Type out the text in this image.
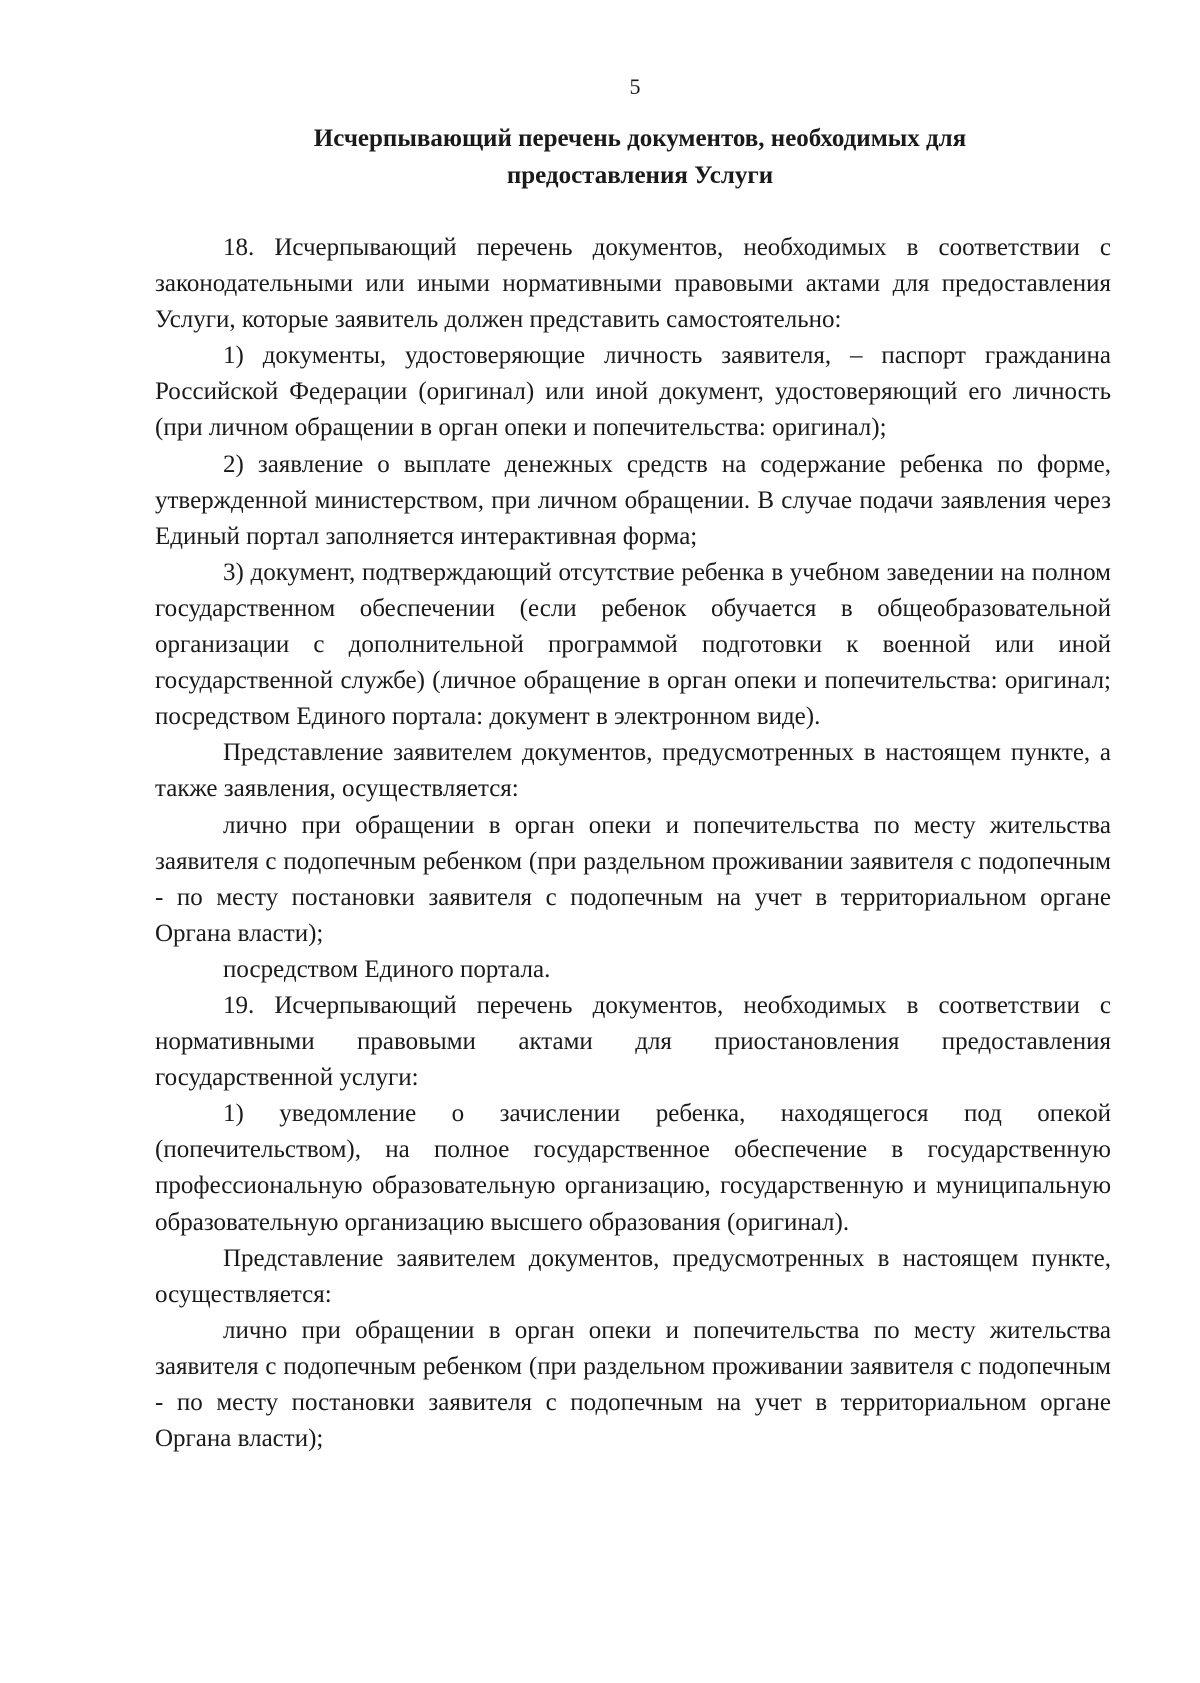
5
Исчерпывающий перечень документов, необходимых для
предоставления Услуги

18. Исчерпывающий перечень документов, необходимых в соответствии с законодательными или иными нормативными правовыми актами для предоставления Услуги, которые заявитель должен представить самостоятельно:

1) документы, удостоверяющие личность заявителя, – паспорт гражданина Российской Федерации (оригинал) или иной документ, удостоверяющий его личность (при личном обращении в орган опеки и попечительства: оригинал);

2) заявление о выплате денежных средств на содержание ребенка по форме, утвержденной министерством, при личном обращении. В случае подачи заявления через Единый портал заполняется интерактивная форма;

3) документ, подтверждающий отсутствие ребенка в учебном заведении на полном государственном обеспечении (если ребенок обучается в общеобразовательной организации с дополнительной программой подготовки к военной или иной государственной службе) (личное обращение в орган опеки и попечительства: оригинал; посредством Единого портала: документ в электронном виде).

Представление заявителем документов, предусмотренных в настоящем пункте, а также заявления, осуществляется:

лично при обращении в орган опеки и попечительства по месту жительства заявителя с подопечным ребенком (при раздельном проживании заявителя с подопечным - по месту постановки заявителя с подопечным на учет в территориальном органе Органа власти);

посредством Единого портала.

19. Исчерпывающий перечень документов, необходимых в соответствии с нормативными правовыми актами для приостановления предоставления государственной услуги:

1) уведомление о зачислении ребенка, находящегося под опекой (попечительством), на полное государственное обеспечение в государственную профессиональную образовательную организацию, государственную и муниципальную образовательную организацию высшего образования (оригинал).

Представление заявителем документов, предусмотренных в настоящем пункте, осуществляется:

лично при обращении в орган опеки и попечительства по месту жительства заявителя с подопечным ребенком (при раздельном проживании заявителя с подопечным - по месту постановки заявителя с подопечным на учет в территориальном органе Органа власти);
